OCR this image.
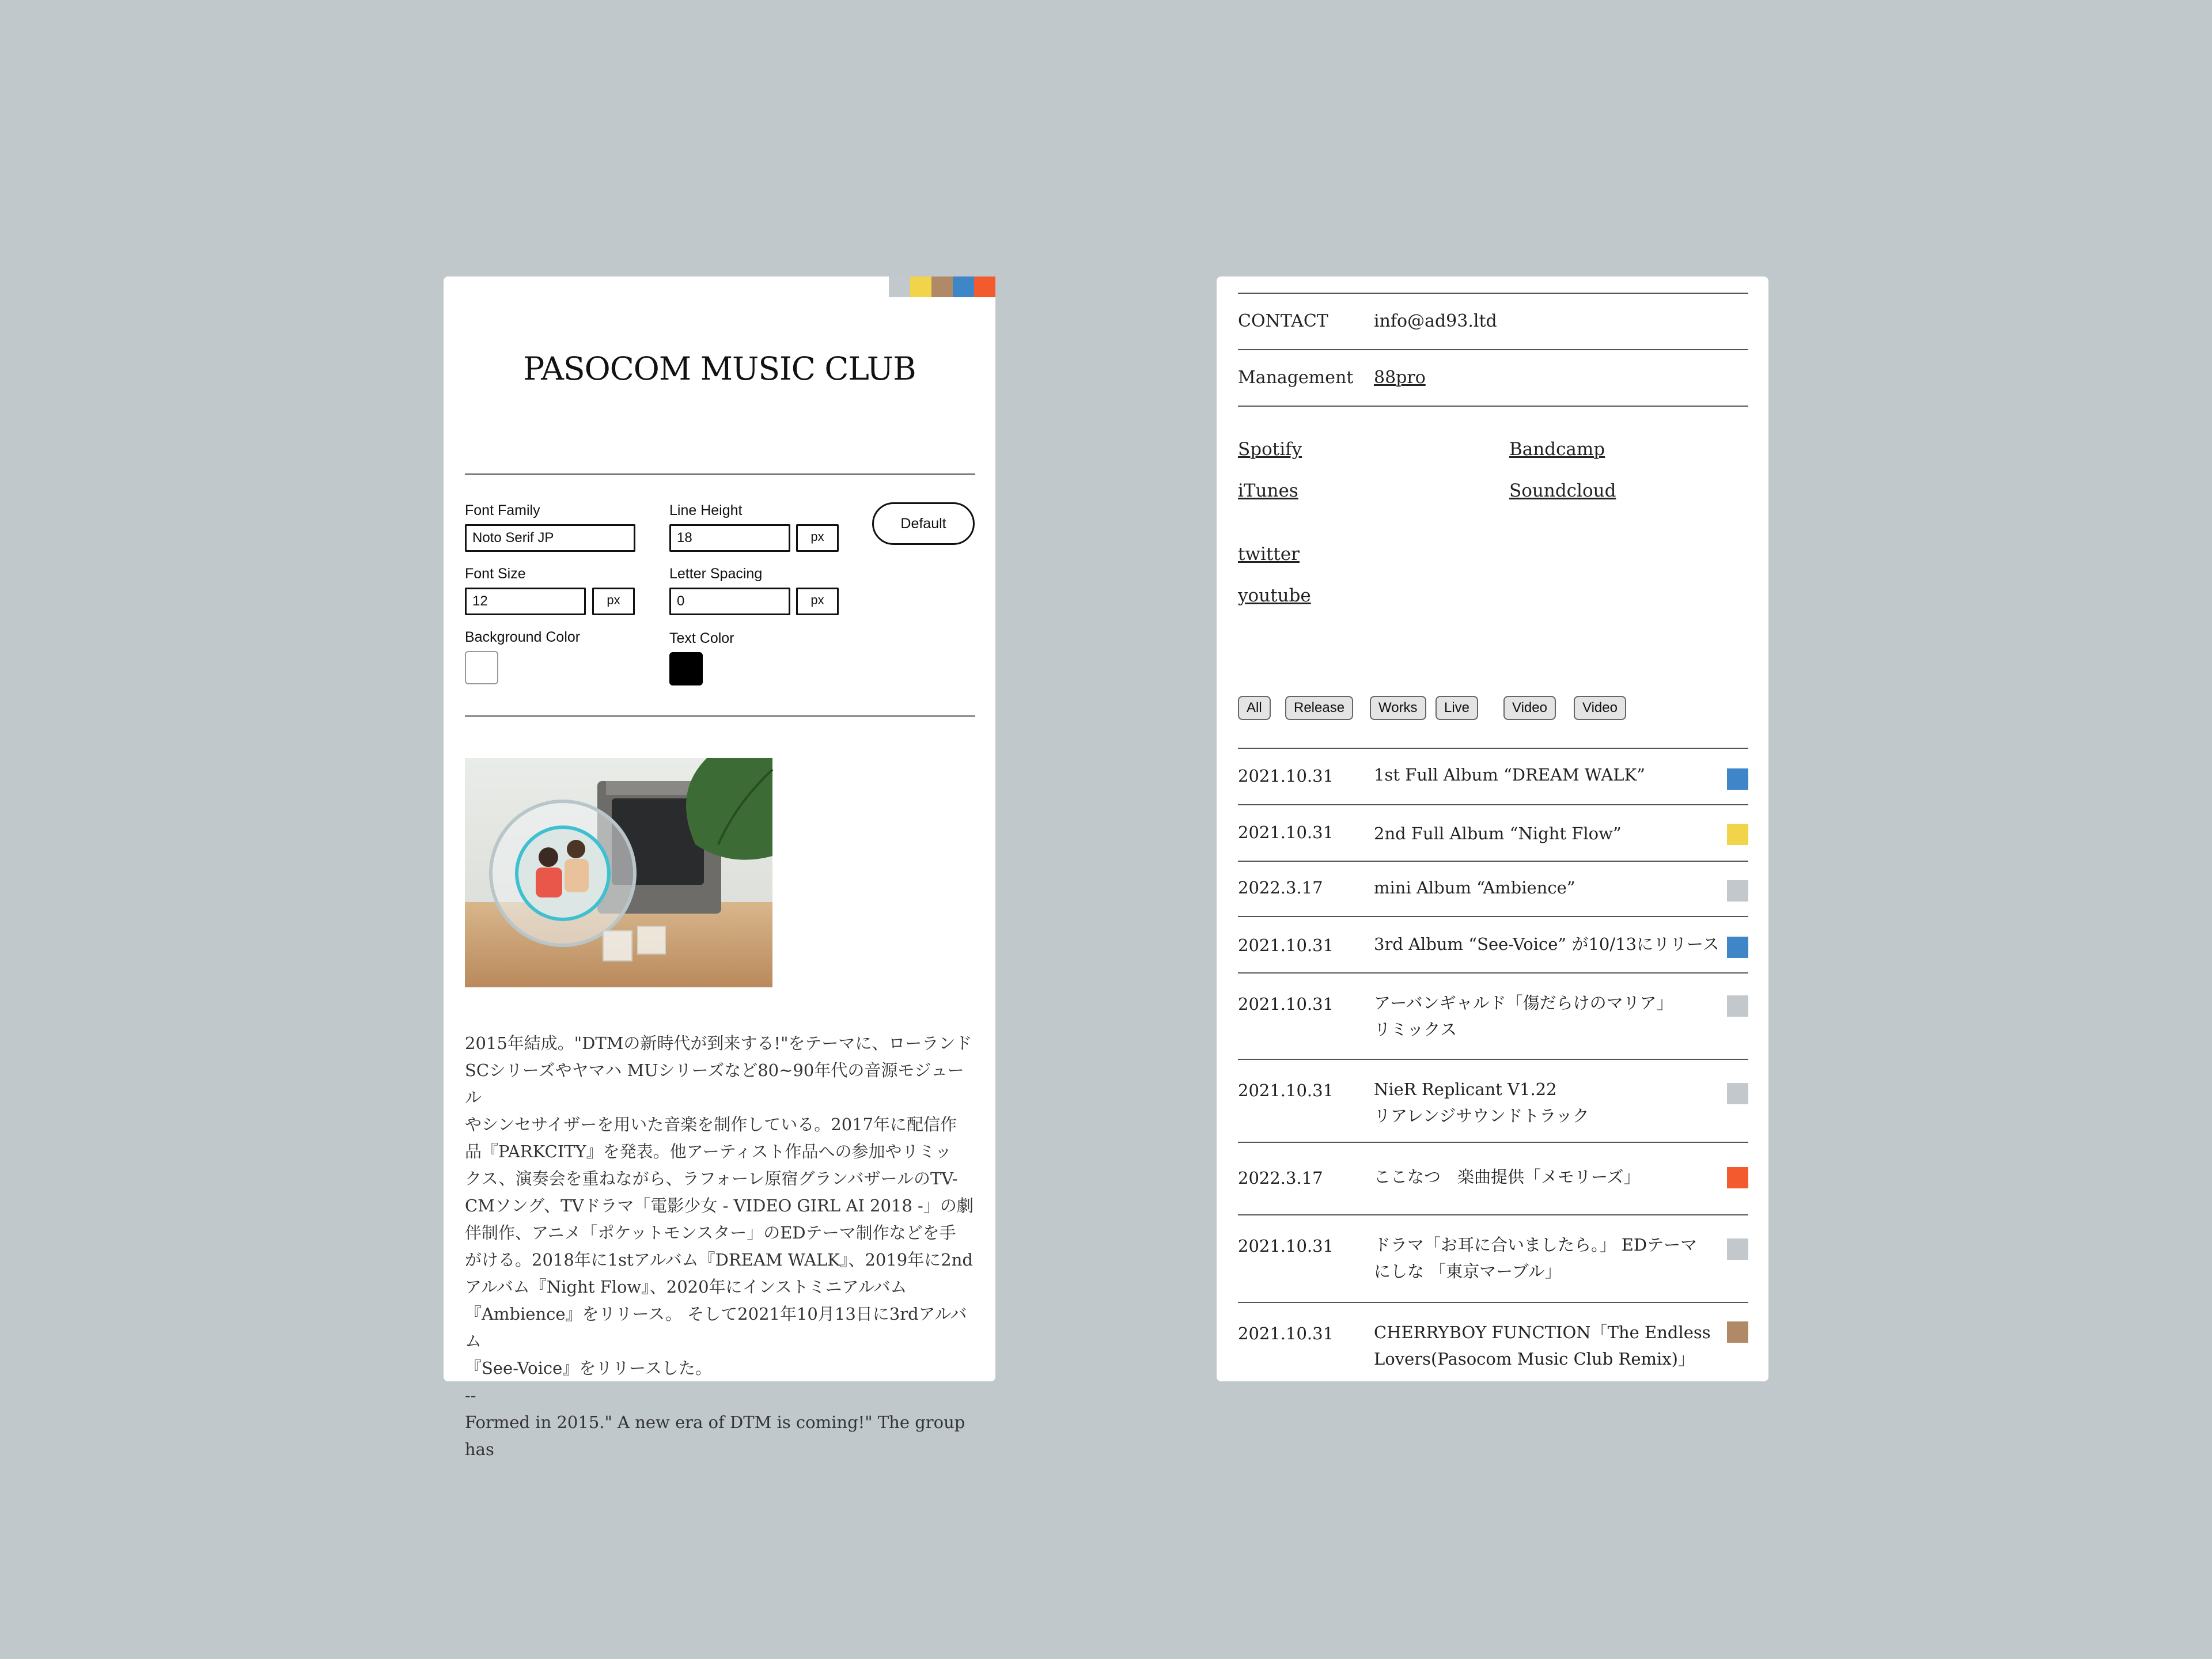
PASOCOM MUSIC CLUB
Font Family
Noto Serif JP
Line Height
18	px
Default
Font Size
12	px
Letter Spacing
0	px
Background Color	Text Color

2015年結成。"DTMの新時代が到来する!"をテーマに、ローランド

SCシリーズやヤマハ MUシリーズなど80~90年代の音源モジュール

やシンセサイザーを用いた音楽を制作している。2017年に配信作

品『PARKCITY』を発表。他アーティスト作品への参加やリミッ

クス、演奏会を重ねながら、ラフォーレ原宿グランバザールのTV-

CMソング、TVドラマ「電影少女 - VIDEO GIRL AI 2018 -」の劇

伴制作、アニメ「ポケットモンスター」のEDテーマ制作などを手

がける。2018年に1stアルバム『DREAM WALK』、2019年に2nd

アルバム『Night Flow』、2020年にインストミニアルバム

『Ambience』をリリース。 そして2021年10月13日に3rdアルバム

『See-Voice』をリリースした。

--

Formed in 2015." A new era of DTM is coming!" The group has

CONTACT	info@ad93.ltd
Management 88pro
Spotify	Bandcamp
iTunes	Soundcloud
twitter
youtube
All	Release	Works	Live	Video	Video
2021.10.31 1st Full Album “DREAM WALK”
2021.10.31 2nd Full Album “Night Flow”
2022.3.17	mini Album “Ambience”
2021.10.31 3rd Album “See-Voice” が10/13にリリース
2021.10.31 アーバンギャルド「傷だらけのマリア」
リミックス
2021.10.31 NieR Replicant V1.22
リアレンジサウンドトラック
2022.3.17	ここなつ　楽曲提供「メモリーズ」
2021.10.31 ドラマ「お耳に合いましたら。」 EDテーマ
にしな 「東京マーブル」
2021.10.31 CHERRYBOY FUNCTION「The Endless
Lovers(Pasocom Music Club Remix)」
